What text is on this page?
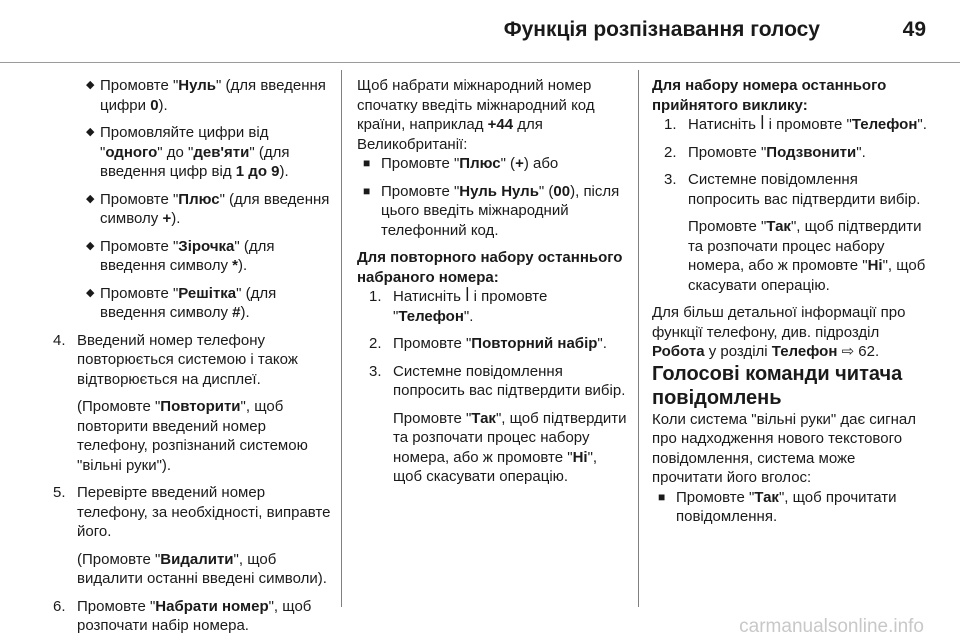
Функція розпізнавання голосу	49
◆ Промовте "Нуль" (для введення цифри 0).
◆ Промовляйте цифри від "одного" до "дев'яти" (для введення цифр від 1 до 9).
◆ Промовте "Плюс" (для введення символу +).
◆ Промовте "Зірочка" (для введення символу *).
◆ Промовте "Решітка" (для введення символу #).
4. Введений номер телефону повторюється системою і також відтворюється на дисплеї.

(Промовте "Повторити", щоб повторити введений номер телефону, розпізнаний системою "вільні руки").

5. Перевірте введений номер телефону, за необхідності, виправте його.

(Промовте "Видалити", щоб видалити останні введені символи).

6. Промовте "Набрати номер", щоб розпочати набір номера.

Щоб набрати міжнародний номер спочатку введіть міжнародний код країни, наприклад +44 для Великобританії:

■ Промовте "Плюс" (+) або
■ Промовте "Нуль Нуль" (00), після цього введіть міжнародний телефонний код.

Для повторного набору останнього набраного номера:

1. Натисніть ꟾ і промовте "Телефон".

2. Промовте "Повторний набір".

3. Системне повідомлення попросить вас підтвердити вибір.

Промовте "Так", щоб підтвердити та розпочати процес набору номера, або ж промовте "Ні", щоб скасувати операцію.

Для набору номера останнього прийнятого виклику:

1. Натисніть ꟾ і промовте "Телефон".

2. Промовте "Подзвонити".

3. Системне повідомлення попросить вас підтвердити вибір.

Промовте "Так", щоб підтвердити та розпочати процес набору номера, або ж промовте "Ні", щоб скасувати операцію.

Для більш детальної інформації про функції телефону, див. підрозділ Робота у розділі Телефон ⇨ 62.

Голосові команди читача повідомлень

Коли система "вільні руки" дає сигнал про надходження нового текстового повідомлення, система може прочитати його вголос:

■ Промовте "Так", щоб прочитати повідомлення.
carmanualsonline.info
